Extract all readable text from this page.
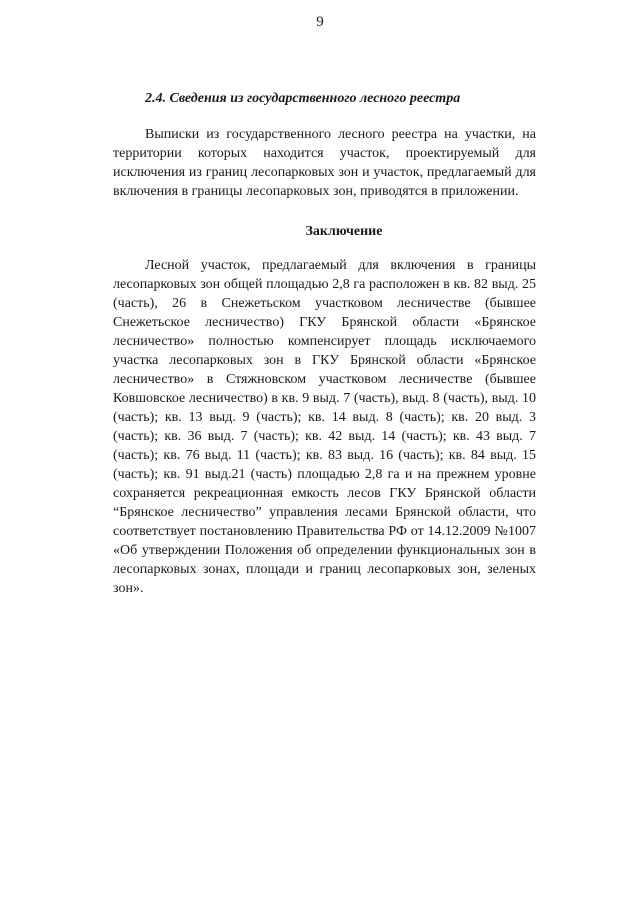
9
2.4. Сведения из государственного лесного реестра

Выписки из государственного лесного реестра на участки, на территории которых находится участок, проектируемый для исключения из границ лесопарковых зон и участок, предлагаемый для включения в границы лесопарковых зон, приводятся в приложении.

Заключение

Лесной участок, предлагаемый для включения в границы лесопарковых зон общей площадью 2,8 га расположен в кв. 82 выд. 25 (часть), 26 в Снежетьском участковом лесничестве (бывшее Снежетьское лесничество) ГКУ Брянской области «Брянское лесничество» полностью компенсирует площадь исключаемого участка лесопарковых зон в ГКУ Брянской области «Брянское лесничество» в Стяжновском участковом лесничестве (бывшее Ковшовское лесничество) в кв. 9 выд. 7 (часть), выд. 8 (часть), выд. 10 (часть); кв. 13 выд. 9 (часть); кв. 14 выд. 8 (часть); кв. 20 выд. 3 (часть); кв. 36 выд. 7 (часть); кв. 42 выд. 14 (часть); кв. 43 выд. 7 (часть); кв. 76 выд. 11 (часть); кв. 83 выд. 16 (часть); кв. 84 выд. 15 (часть); кв. 91 выд.21 (часть) площадью 2,8 га и на прежнем уровне сохраняется рекреационная емкость лесов ГКУ Брянской области “Брянское лесничество” управления лесами Брянской области, что соответствует постановлению Правительства РФ от 14.12.2009 №1007 «Об утверждении Положения об определении функциональных зон в лесопарковых зонах, площади и границ лесопарковых зон, зеленых зон».
